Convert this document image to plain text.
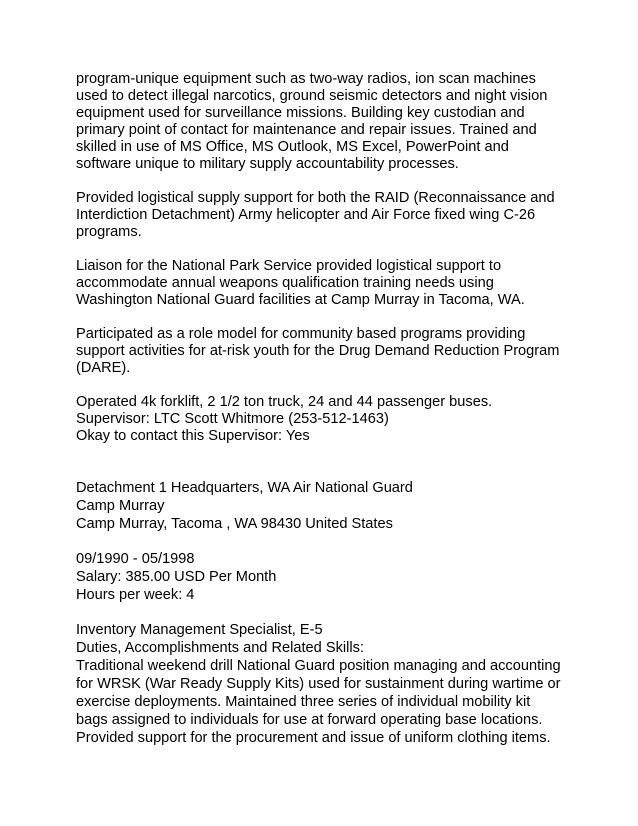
program-unique equipment such as two-way radios, ion scan machines
used to detect illegal narcotics, ground seismic detectors and night vision
equipment used for surveillance missions. Building key custodian and
primary point of contact for maintenance and repair issues. Trained and
skilled in use of MS Office, MS Outlook, MS Excel, PowerPoint and
software unique to military supply accountability processes.

Provided logistical supply support for both the RAID (Reconnaissance and
Interdiction Detachment) Army helicopter and Air Force fixed wing C-26
programs.

Liaison for the National Park Service provided logistical support to
accommodate annual weapons qualification training needs using
Washington National Guard facilities at Camp Murray in Tacoma, WA.

Participated as a role model for community based programs providing
support activities for at-risk youth for the Drug Demand Reduction Program
(DARE).

Operated 4k forklift, 2 1/2 ton truck, 24 and 44 passenger buses.
Supervisor: LTC Scott Whitmore (253-512-1463)
Okay to contact this Supervisor: Yes

Detachment 1 Headquarters, WA Air National Guard
Camp Murray
Camp Murray, Tacoma , WA 98430 United States
09/1990 - 05/1998
Salary: 385.00 USD Per Month
Hours per week: 4
Inventory Management Specialist, E-5
Duties, Accomplishments and Related Skills:
Traditional weekend drill National Guard position managing and accounting
for WRSK (War Ready Supply Kits) used for sustainment during wartime or
exercise deployments. Maintained three series of individual mobility kit
bags assigned to individuals for use at forward operating base locations.
Provided support for the procurement and issue of uniform clothing items.
